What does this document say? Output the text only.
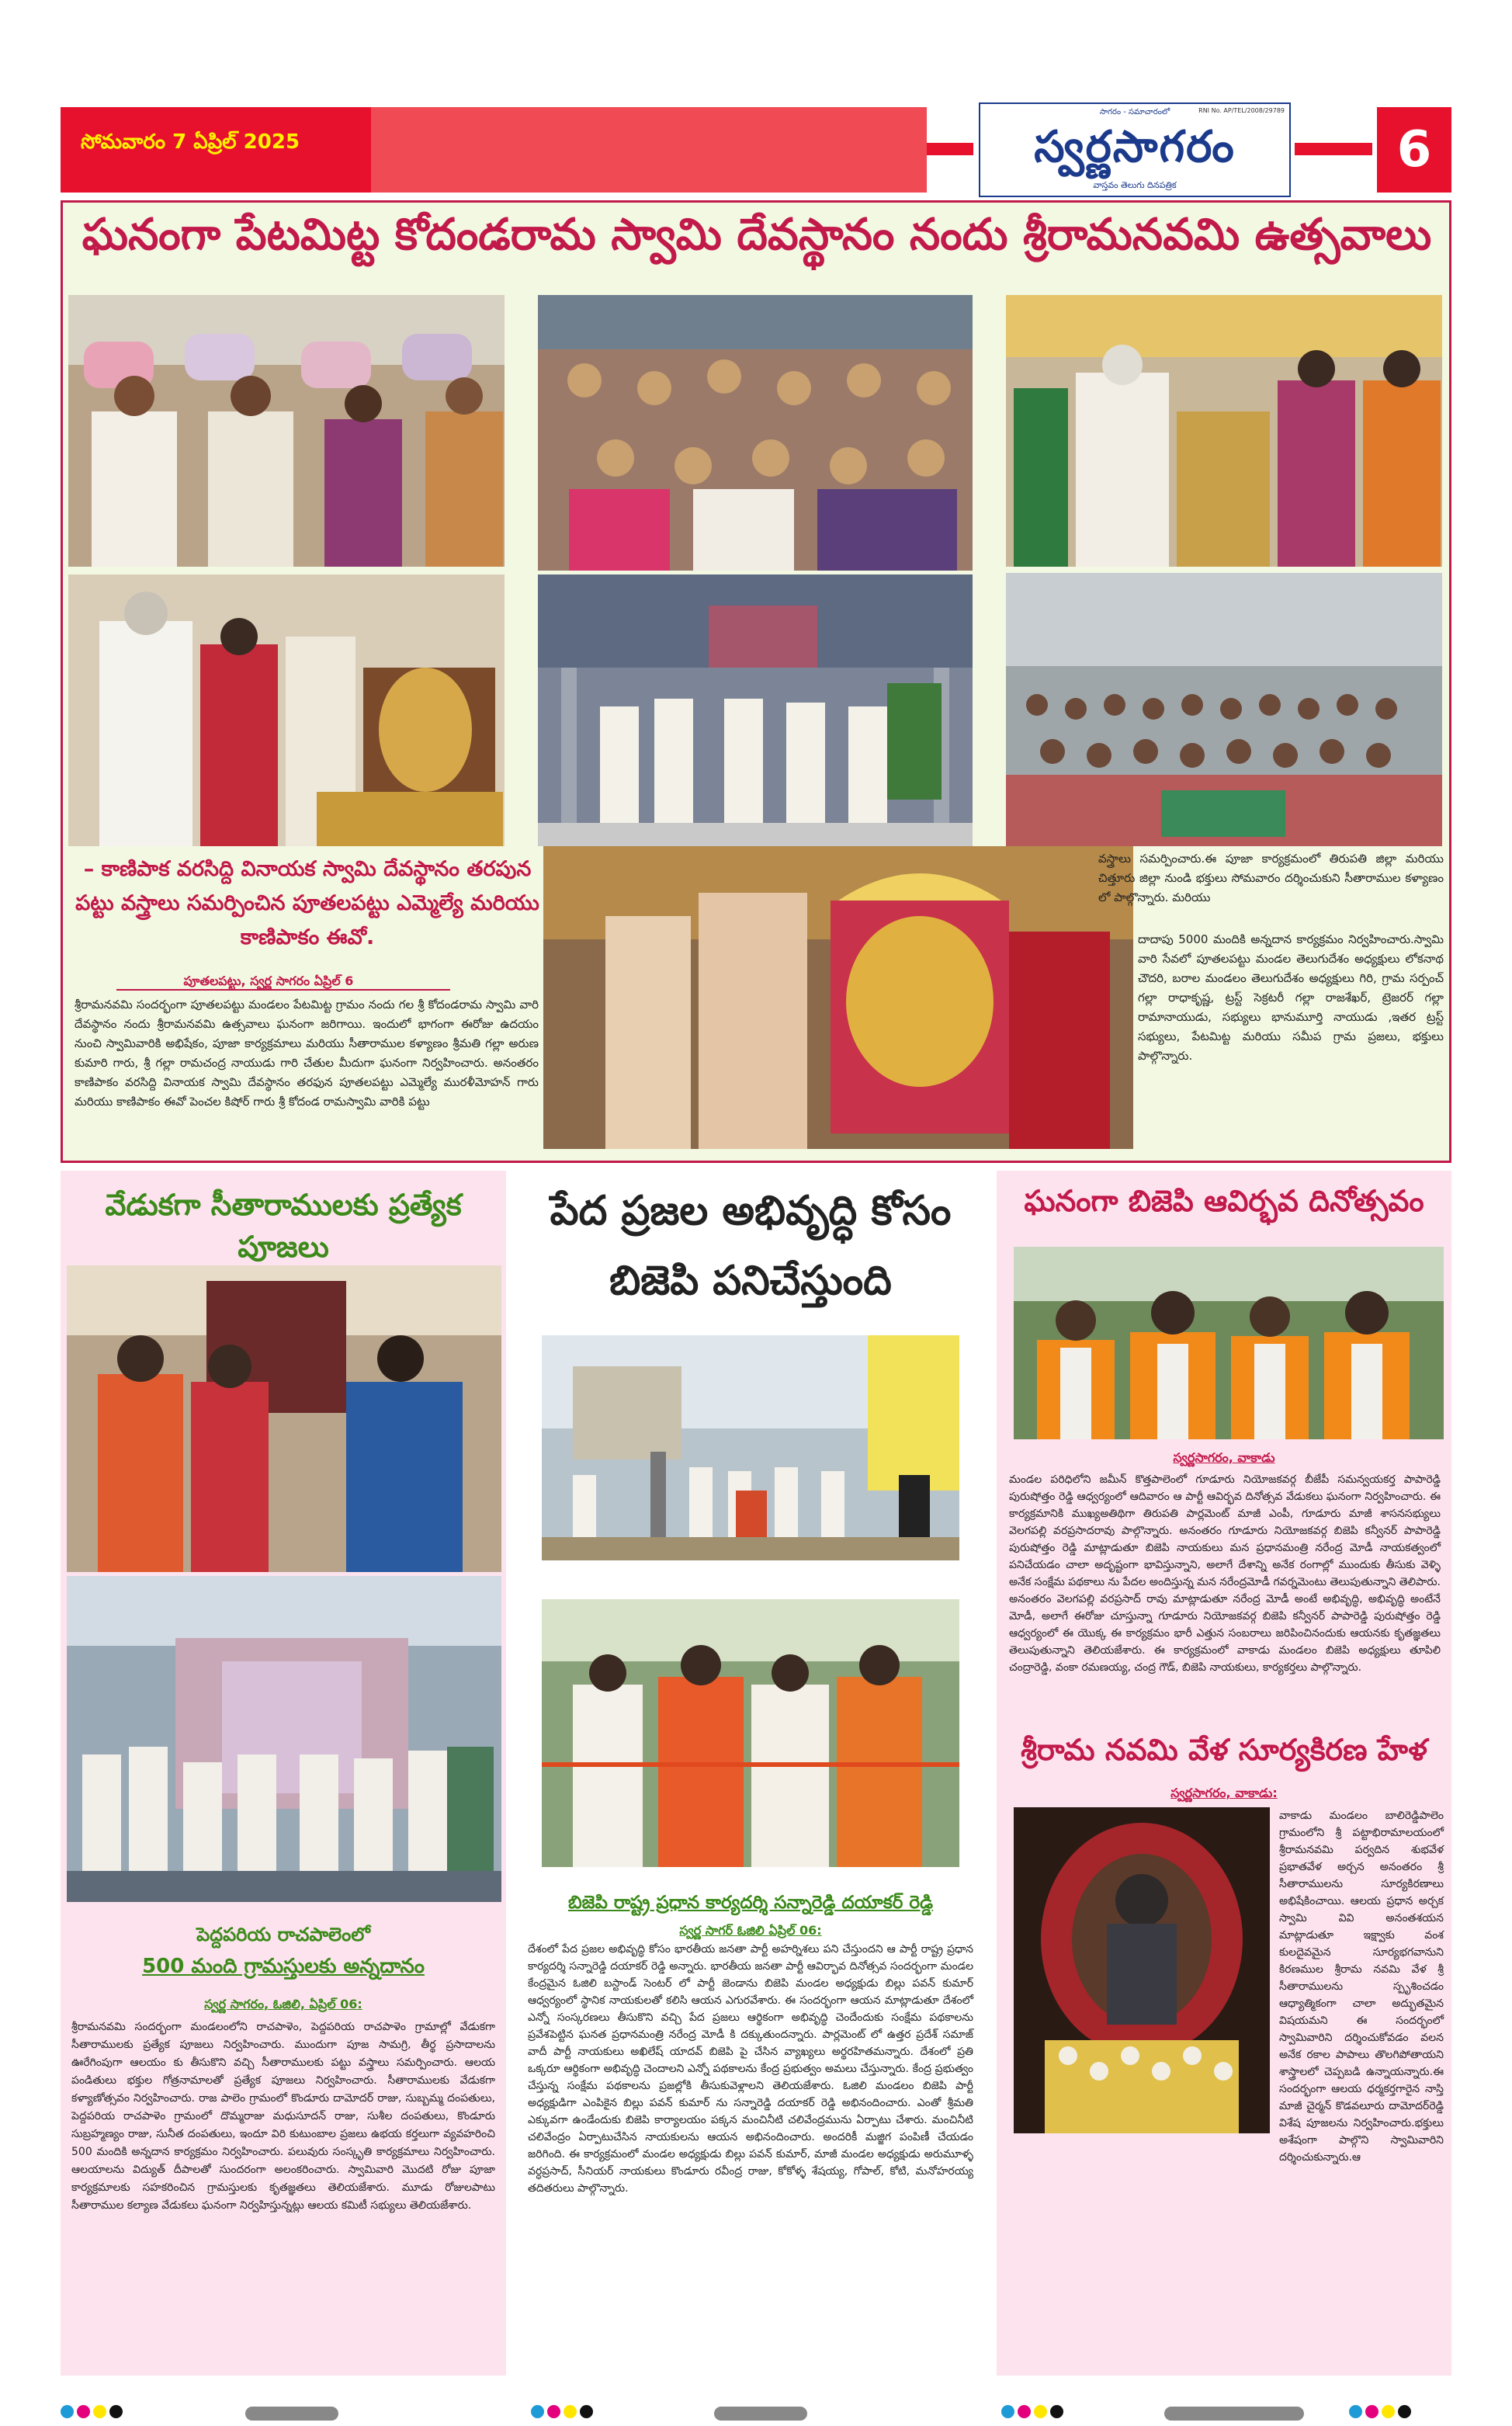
సోమవారం 7 ఏప్రిల్ 2025
సాగరం - సమాచారంలో	RNI No. AP/TEL/2008/29789
స్వర్ణసాగరం
వాస్తవం తెలుగు దినపత్రిక
6
ఘనంగా పేటమిట్ట కోదండరామ స్వామి దేవస్థానం నందు శ్రీరామనవమి ఉత్సవాలు
– కాణిపాక వరసిద్ది వినాయక స్వామి దేవస్థానం తరపున పట్టు వస్త్రాలు సమర్పించిన పూతలపట్టు ఎమ్మెల్యే మరియు కాణిపాకం ఈవో.
పూతలపట్టు, స్వర్ణ సాగరం ఏప్రిల్ 6
శ్రీరామనవమి సందర్భంగా పూతలపట్టు మండలం పేటమిట్ట గ్రామం నందు గల శ్రీ కోదండరామ స్వామి వారి దేవస్థానం నందు శ్రీరామనవమి ఉత్సవాలు ఘనంగా జరిగాయి. ఇందులో భాగంగా ఈరోజు ఉదయం నుంచి స్వామివారికి అభిషేకం, పూజా కార్యక్రమాలు మరియు సీతారాముల కళ్యాణం శ్రీమతి గల్లా అరుణ కుమారి గారు, శ్రీ గల్లా రామచంద్ర నాయుడు గారి చేతుల మీదుగా ఘనంగా నిర్వహించారు. అనంతరం కాణిపాకం వరసిద్ది వినాయక స్వామి దేవస్థానం తరఫున పూతలపట్టు ఎమ్మెల్యే మురళీమోహన్ గారు మరియు కాణిపాకం ఈవో పెంచల కిషోర్ గారు శ్రీ కోదండ రామస్వామి వారికి పట్టు
వస్త్రాలు సమర్పించారు.ఈ పూజా కార్యక్రమంలో తిరుపతి జిల్లా మరియు చిత్తూరు జిల్లా నుండి భక్తులు సోమవారం దర్శించుకుని సీతారాముల కళ్యాణం లో పాల్గొన్నారు. మరియు
దాదాపు 5000 మందికి అన్నదాన కార్యక్రమం నిర్వహించారు.స్వామి వారి సేవలో పూతలపట్టు మండల తెలుగుదేశం అధ్యక్షులు లోకనాథ చౌదరి, బరాల మండలం తెలుగుదేశం అధ్యక్షులు గిరి, గ్రామ సర్పంచ్ గల్లా రాధాకృష్ణ, ట్రస్ట్ సెక్రటరీ గల్లా రాజశేఖర్, ట్రెజరర్ గల్లా రామానాయుడు, సభ్యులు భానుమూర్తి నాయుడు ,ఇతర ట్రస్ట్ సభ్యులు, పేటమిట్ట మరియు సమీప గ్రామ ప్రజలు, భక్తులు పాల్గొన్నారు.
వేడుకగా సీతారాములకు ప్రత్యేక పూజలు
పెద్దపరియ రాచపాలెంలో
500 మంది గ్రామస్తులకు అన్నదానం
స్వర్ణ సాగరం, ఓజిలి, ఏప్రిల్ 06:
శ్రీరామనవమి సందర్భంగా మండలంలోని రాచపాళెం, పెద్దపరియ రాచపాళెం గ్రామాల్లో వేడుకగా సీతారాములకు ప్రత్యేక పూజలు నిర్వహించారు. ముందుగా పూజ సామగ్రి, తీర్థ ప్రసాదాలను ఊరేగింపుగా ఆలయం కు తీసుకొని వచ్చి సీతారాములకు పట్టు వస్త్రాలు సమర్పించారు. ఆలయ పండితులు భక్తుల గోత్రనామాలతో ప్రత్యేక పూజలు నిర్వహించారు. సీతారాములకు వేడుకగా కళ్యాణోత్సవం నిర్వహించారు. రాజ పాలెం గ్రామంలో కొండూరు దామోదర్ రాజు, సుబ్బమ్మ దంపతులు, పెద్దపరియ రాచపాళెం గ్రామంలో దొమ్మరాజు మధుసూదన్ రాజు, సుశీల దంపతులు, కొండూరు సుబ్రహ్మణ్యం రాజు, సునీత దంపతులు, ఇందూ విరి కుటుంబాల ప్రజలు ఉభయ కర్తలుగా వ్యవహరించి 500 మందికి అన్నదాన కార్యక్రమం నిర్వహించారు. పలువురు సంస్కృతి కార్యక్రమాలు నిర్వహించారు. ఆలయాలను విద్యుత్ దీపాలతో సుందరంగా అలంకరించారు. స్వామివారి మొదటి రోజు పూజా కార్యక్రమాలకు సహకరించిన గ్రామస్తులకు కృతజ్ఞతలు తెలియజేశారు. మూడు రోజులపాటు సీతారాముల కల్యాణ వేడుకలు ఘనంగా నిర్వహిస్తున్నట్లు ఆలయ కమిటీ సభ్యులు తెలియజేశారు.
పేద ప్రజల అభివృద్ధి కోసం
బిజెపి పనిచేస్తుంది
బిజెపి రాష్ట్ర ప్రధాన కార్యదర్శి సన్నారెడ్డి దయాకర్ రెడ్డి
స్వర్ణ సాగర్ ఓజిలి ఏప్రిల్ 06:
దేశంలో పేద ప్రజల అభివృద్ధి కోసం భారతీయ జనతా పార్టీ అహర్నిశలు పని చేస్తుందని ఆ పార్టీ రాష్ట్ర ప్రధాన కార్యదర్శి సన్నారెడ్డి దయాకర్ రెడ్డి అన్నారు. భారతీయ జనతా పార్టీ ఆవిర్భావ దినోత్సవ సందర్భంగా మండల కేంద్రమైన ఓజిలి బస్టాండ్ సెంటర్ లో పార్టీ జెండాను బిజెపి మండల అధ్యక్షుడు బిల్లు పవన్ కుమార్ ఆధ్వర్యంలో స్థానిక నాయకులతో కలిసి ఆయన ఎగురవేశారు. ఈ సందర్భంగా ఆయన మాట్లాడుతూ దేశంలో ఎన్నో సంస్కరణలు తీసుకొని వచ్చి పేద ప్రజలు ఆర్థికంగా అభివృద్ధి చెందేందుకు సంక్షేమ పథకాలను ప్రవేశపెట్టిన ఘనత ప్రధానమంత్రి నరేంద్ర మోడీ కి దక్కుతుందన్నారు. పార్లమెంట్ లో ఉత్తర ప్రదేశ్ సమాజ్ వాదీ పార్టీ నాయకులు అఖిలేష్ యాదవ్ బిజెపి పై చేసిన వ్యాఖ్యలు అర్థరహితమన్నారు. దేశంలో ప్రతి ఒక్కరూ ఆర్థికంగా అభివృద్ధి చెందాలని ఎన్నో పథకాలను కేంద్ర ప్రభుత్వం అమలు చేస్తున్నారు. కేంద్ర ప్రభుత్వం చేస్తున్న సంక్షేమ పథకాలను ప్రజల్లోకి తీసుకువెళ్లాలని తెలియజేశారు. ఓజిలి మండలం బిజెపి పార్టీ అధ్యక్షుడిగా ఎంపికైన బిల్లు పవన్ కుమార్ ను సన్నారెడ్డి దయాకర్ రెడ్డి అభినందించారు. ఎంతో శ్రీమతి ఎక్కువగా ఉండేందుకు బిజెపి కార్యాలయం పక్కన మంచినీటి చలివేంద్రమును ఏర్పాటు చేశారు. మంచినీటి చలివేంద్రం ఏర్పాటుచేసిన నాయకులను ఆయన అభినందించారు. అందరికీ మజ్జిగ పంపిణీ చేయడం జరిగింది. ఈ కార్యక్రమంలో మండల అధ్యక్షుడు బిల్లు పవన్ కుమార్, మాజీ మండల అధ్యక్షుడు అరుమూళ్ళ వర్ధప్రసాద్, సీనియర్ నాయకులు కొండూరు రవీంద్ర రాజు, కోకోళ్ళ శేషయ్య, గోపాల్, కోటి, మనోహరయ్య తదితరులు పాల్గొన్నారు.
ఘనంగా బిజెపి ఆవిర్భవ దినోత్సవం
స్వర్ణసాగరం, వాకాడు
మండల పరిధిలోని జమీన్ కొత్తపాలెంలో గూడూరు నియోజకవర్గ బీజేపీ సమన్వయకర్త పాపారెడ్డి పురుషోత్తం రెడ్డి ఆధ్వర్యంలో ఆదివారం ఆ పార్టీ ఆవిర్భవ దినోత్సవ వేడుకలు ఘనంగా నిర్వహించారు. ఈ కార్యక్రమానికి ముఖ్యఅతిథిగా తిరుపతి పార్లమెంట్ మాజీ ఎంపీ, గూడూరు మాజీ శాసనసభ్యులు వెలగపల్లి వరప్రసాదరావు పాల్గొన్నారు. అనంతరం గూడూరు నియోజకవర్గ బిజెపి కన్వీనర్ పాపారెడ్డి పురుషోత్తం రెడ్డి మాట్లాడుతూ బిజెపి నాయకులు మన ప్రధానమంత్రి నరేంద్ర మోడీ నాయకత్వంలో పనిచేయడం చాలా అదృష్టంగా భావిస్తున్నాని, అలాగే దేశాన్ని అనేక రంగాల్లో ముందుకు తీసుకు వెళ్ళి అనేక సంక్షేమ పథకాలు ను పేదల అందిస్తున్న మన నరేంద్రమోడీ గవర్నమెంటు తెలుపుతున్నాని తెలిపారు. అనంతరం వెలగపల్లి వరప్రసాద్ రావు మాట్లాడుతూ నరేంద్ర మోడీ అంటే అభివృద్ధి, అభివృద్ధి అంటేనే మోడీ, అలాగే ఈరోజు చూస్తున్నా గూడూరు నియోజకవర్గ బిజెపి కన్వీనర్ పాపారెడ్డి పురుషోత్తం రెడ్డి ఆధ్వర్యంలో ఈ యొక్క ఈ కార్యక్రమం భారీ ఎత్తున సంబరాలు జరిపించినందుకు ఆయనకు కృతజ్ఞతలు తెలుపుతున్నాని తెలియజేశారు. ఈ కార్యక్రమంలో వాకాడు మండలం బిజెపి అధ్యక్షులు తూపిలి చంద్రారెడ్డి, వంకా రమణయ్య, చంద్ర గౌడ్, బిజెపి నాయకులు, కార్యకర్తలు పాల్గొన్నారు.
శ్రీరామ నవమి వేళ సూర్యకిరణ హేళ
స్వర్ణసాగరం, వాకాడు:
వాకాడు మండలం బాలిరెడ్డిపాలెం గ్రామంలోని శ్రీ పట్టాభిరామాలయంలో శ్రీరామనవమి పర్వదిన శుభవేళ ప్రభాతవేళ అర్చన అనంతరం శ్రీ సీతారాములను సూర్యకిరణాలు అభిషేకించాయి. ఆలయ ప్రధాన అర్చక స్వామి వివి అనంతశయన మాట్లాడుతూ ఇక్ష్వాకు వంశ కులదైవమైన సూర్యభగవానుని కిరణముల శ్రీరామ నవమి వేళ శ్రీ సీతారాములను స్పృశించడం ఆధ్యాత్మికంగా చాలా అద్భుతమైన విషయమని ఈ సందర్భంలో స్వామివారిని దర్శించుకోవడం వలన అనేక రకాల పాపాలు తొలగిపోతాయని శాస్త్రాలలో చెప్పబడి ఉన్నాయన్నారు.ఈ సందర్భంగా ఆలయ ధర్మకర్తగారైన నాస్తి మాజీ చైర్మన్ కొడవలూరు దామోదర్‌రెడ్డి విశేష పూజలను నిర్వహించారు.భక్తులు అశేషంగా పాల్గొని స్వామివారిని దర్శించుకున్నారు.ఆ
